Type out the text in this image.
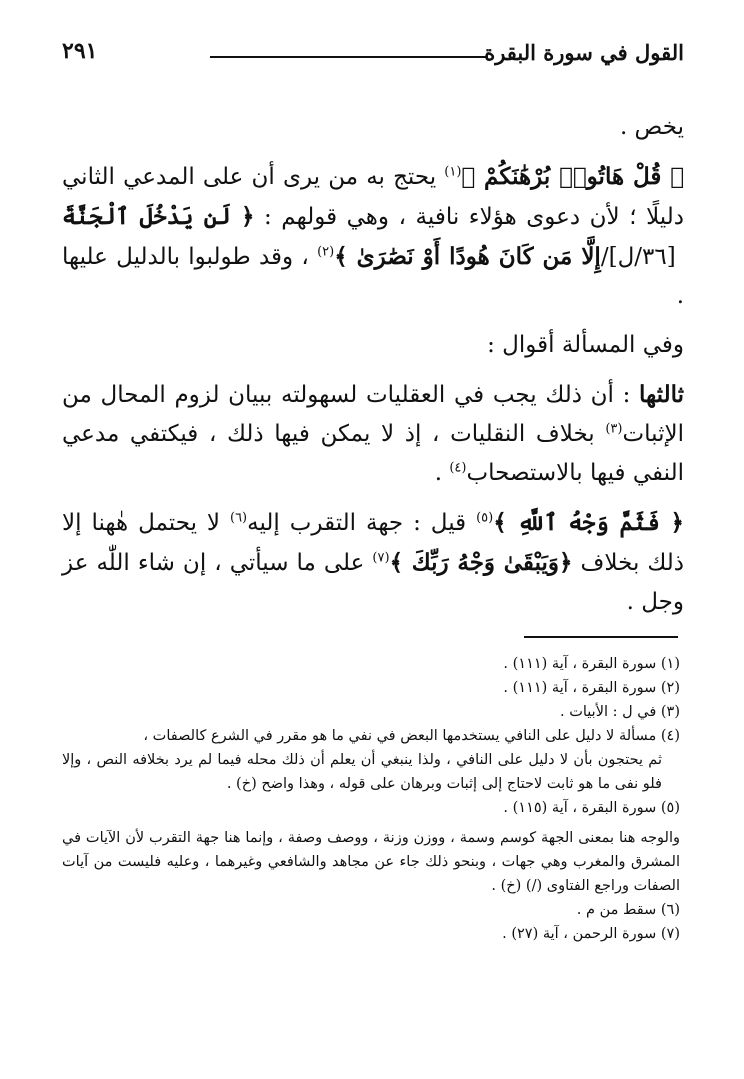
القول في سورة البقرة
٢٩١

يخص .

﴿ قُلْ هَاتُوا۟ بُرْهَٰنَكُمْ ﴾$^{(١)}$ يحتج به من يرى أن على المدعي الثاني دليلًا ؛ لأن دعوى هؤلاء نافية ، وهي قولهم : ﴿ لَن يَدْخُلَ ٱلْجَنَّةَ /[٣٦/ل] إِلَّا مَن كَانَ هُودًا أَوْ نَصَٰرَىٰ ﴾$^{(٢)}$ ، وقد طولبوا بالدليل عليها .

وفي المسألة أقوال :

ثالثها : أن ذلك يجب في العقليات لسهولته ببيان لزوم المحال من الإثبات$^{(٣)}$ بخلاف النقليات ، إذ لا يمكن فيها ذلك ، فيكتفي مدعي النفي فيها بالاستصحاب$^{(٤)}$ .

﴿ فَثَمَّ وَجْهُ ٱللَّهِ ﴾$^{(٥)}$ قيل : جهة التقرب إليه$^{(٦)}$ لا يحتمل هٰهنا إلا ذلك بخلاف ﴿وَيَبْقَىٰ وَجْهُ رَبِّكَ ﴾$^{(٧)}$ على ما سيأتي ، إن شاء اللّٰه عز وجل .

(١) سورة البقرة ، آية (١١١) .

(٢) سورة البقرة ، آية (١١١) .

(٣) في ل : الأبيات .

(٤) مسألة لا دليل على النافي يستخدمها البعض في نفي ما هو مقرر في الشرع كالصفات ،

ثم يحتجون بأن لا دليل على النافي ، ولذا ينبغي أن يعلم أن ذلك محله فيما لم يرد بخلافه النص ، وإلا فلو نفى ما هو ثابت لاحتاج إلى إثبات وبرهان على قوله ، وهذا واضح (خ) .

(٥) سورة البقرة ، آية (١١٥) .

والوجه هنا بمعنى الجهة كوسم وسمة ، ووزن وزنة ، ووصف وصفة ، وإنما هنا جهة التقرب لأن الآيات في المشرق والمغرب وهي جهات ، وبنحو ذلك جاء عن مجاهد والشافعي وغيرهما ، وعليه فليست من آيات الصفات وراجع الفتاوى (/) (خ) .

(٦) سقط من م .

(٧) سورة الرحمن ، آية (٢٧) .
